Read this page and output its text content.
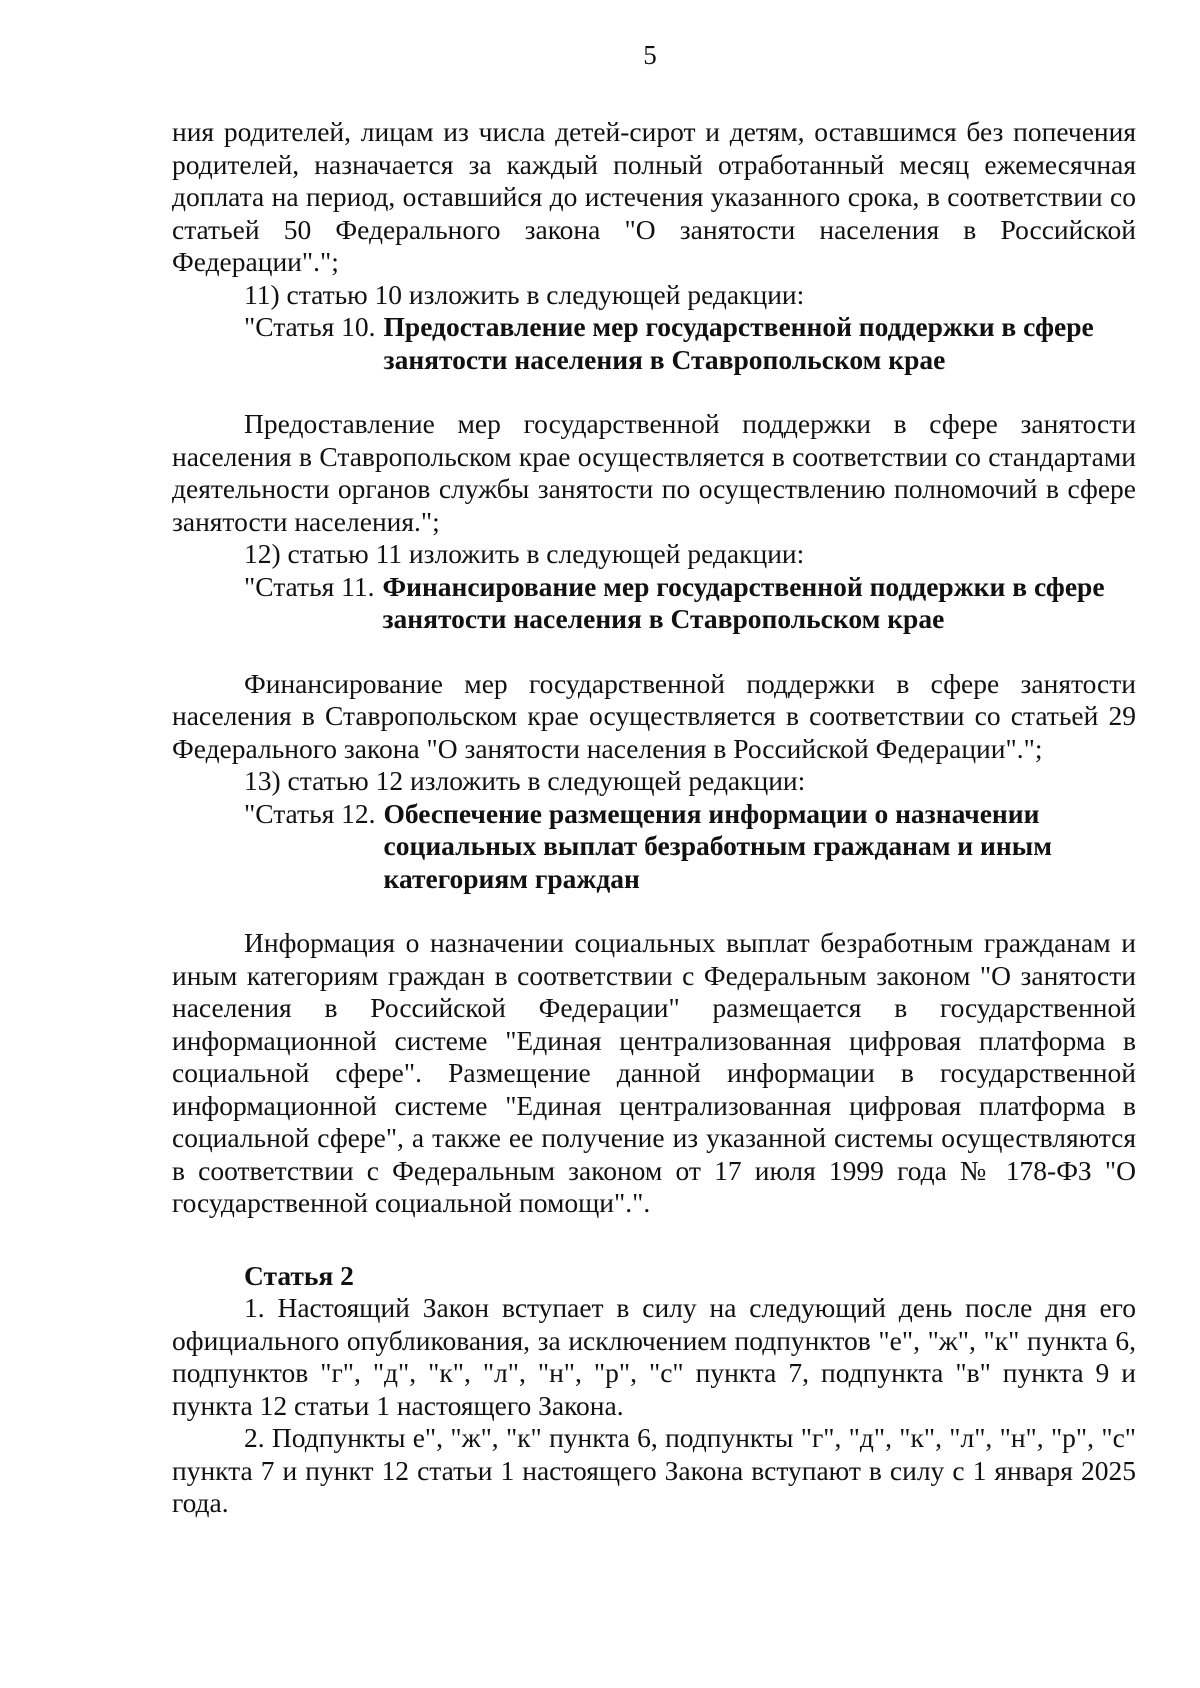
5

ния родителей, лицам из числа детей-сирот и детям, оставшимся без попечения родителей, назначается за каждый полный отработанный месяц ежемесячная доплата на период, оставшийся до истечения указанного срока, в соответствии со статьей 50 Федерального закона "О занятости населения в Российской Федерации".";

11) статью 10 изложить в следующей редакции:

"Статья 10. Предоставление мер государственной поддержки в сфере занятости населения в Ставропольском крае

Предоставление мер государственной поддержки в сфере занятости населения в Ставропольском крае осуществляется в соответствии со стандартами деятельности органов службы занятости по осуществлению полномочий в сфере занятости населения.";

12) статью 11 изложить в следующей редакции:

"Статья 11. Финансирование мер государственной поддержки в сфере занятости населения в Ставропольском крае

Финансирование мер государственной поддержки в сфере занятости населения в Ставропольском крае осуществляется в соответствии со статьей 29 Федерального закона "О занятости населения в Российской Федерации".";

13) статью 12 изложить в следующей редакции:

"Статья 12. Обеспечение размещения информации о назначении социальных выплат безработным гражданам и иным категориям граждан

Информация о назначении социальных выплат безработным гражданам и иным категориям граждан в соответствии с Федеральным законом "О занятости населения в Российской Федерации" размещается в государственной информационной системе "Единая централизованная цифровая платформа в социальной сфере". Размещение данной информации в государственной информационной системе "Единая централизованная цифровая платформа в социальной сфере", а также ее получение из указанной системы осуществляются в соответствии с Федеральным законом от 17 июля 1999 года № 178-ФЗ "О государственной социальной помощи".".

Статья 2

1. Настоящий Закон вступает в силу на следующий день после дня его официального опубликования, за исключением подпунктов "е", "ж", "к" пункта 6, подпунктов "г", "д", "к", "л", "н", "р", "с" пункта 7, подпункта "в" пункта 9 и пункта 12 статьи 1 настоящего Закона.

2. Подпункты е", "ж", "к" пункта 6, подпункты "г", "д", "к", "л", "н", "р", "с" пункта 7 и пункт 12 статьи 1 настоящего Закона вступают в силу с 1 января 2025 года.
